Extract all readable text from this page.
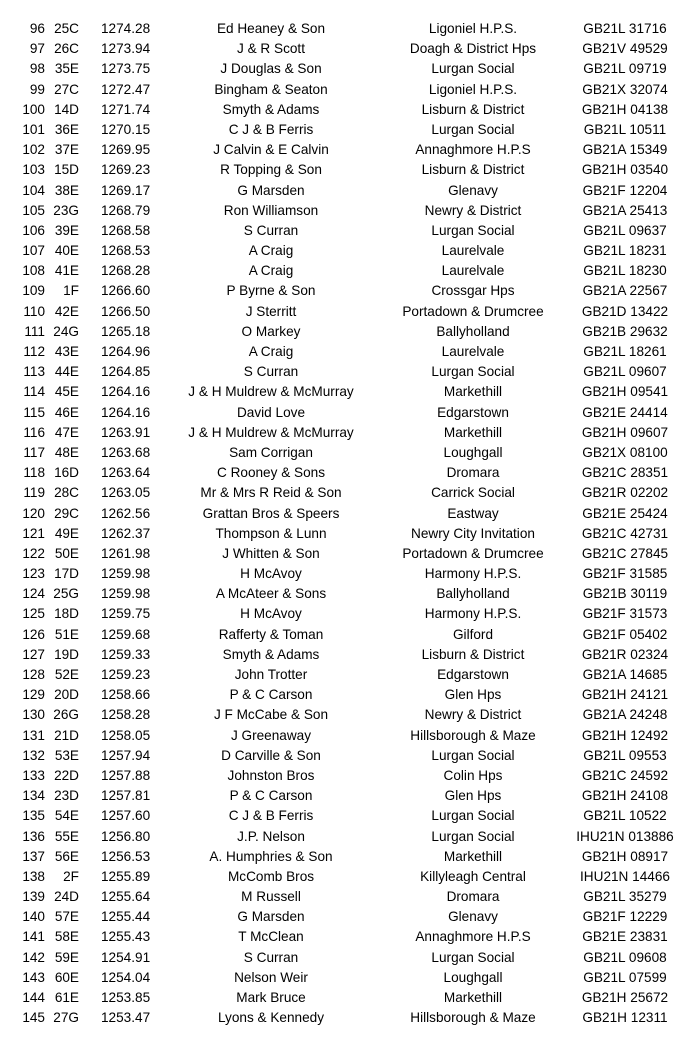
96 25C 1274.28	Ed Heaney & Son	Ligoniel H.P.S.	GB21L 31716
97 26C 1273.94	J & R Scott	Doagh & District Hps	GB21V 49529
98 35E 1273.75	J Douglas & Son	Lurgan Social	GB21L 09719
99 27C 1272.47	Bingham & Seaton	Ligoniel H.P.S.	GB21X 32074
100 14D 1271.74	Smyth & Adams	Lisburn & District	GB21H 04138
101 36E 1270.15	C J & B Ferris	Lurgan Social	GB21L 10511
102 37E 1269.95	J Calvin & E Calvin	Annaghmore H.P.S	GB21A 15349
103 15D 1269.23	R Topping & Son	Lisburn & District	GB21H 03540
104 38E 1269.17	G Marsden	Glenavy	GB21F 12204
105 23G 1268.79	Ron Williamson	Newry & District	GB21A 25413
106 39E 1268.58	S Curran	Lurgan Social	GB21L 09637
107 40E 1268.53	A Craig	Laurelvale	GB21L 18231
108 41E 1268.28	A Craig	Laurelvale	GB21L 18230
109 1F 1266.60	P Byrne & Son	Crossgar Hps	GB21A 22567
110 42E 1266.50	J Sterritt	Portadown & Drumcree	GB21D 13422
111 24G 1265.18	O Markey	Ballyholland	GB21B 29632
112 43E 1264.96	A Craig	Laurelvale	GB21L 18261
113 44E 1264.85	S Curran	Lurgan Social	GB21L 09607
114 45E 1264.16	J & H Muldrew & McMurray	Markethill	GB21H 09541
115 46E 1264.16	David Love	Edgarstown	GB21E 24414
116 47E 1263.91	J & H Muldrew & McMurray	Markethill	GB21H 09607
117 48E 1263.68	Sam Corrigan	Loughgall	GB21X 08100
118 16D 1263.64	C Rooney & Sons	Dromara	GB21C 28351
119 28C 1263.05	Mr & Mrs R Reid & Son	Carrick Social	GB21R 02202
120 29C 1262.56	Grattan Bros & Speers	Eastway	GB21E 25424
121 49E 1262.37	Thompson & Lunn	Newry City Invitation	GB21C 42731
122 50E 1261.98	J Whitten & Son	Portadown & Drumcree	GB21C 27845
123 17D 1259.98	H McAvoy	Harmony H.P.S.	GB21F 31585
124 25G 1259.98	A McAteer & Sons	Ballyholland	GB21B 30119
125 18D 1259.75	H McAvoy	Harmony H.P.S.	GB21F 31573
126 51E 1259.68	Rafferty & Toman	Gilford	GB21F 05402
127 19D 1259.33	Smyth & Adams	Lisburn & District	GB21R 02324
128 52E 1259.23	John Trotter	Edgarstown	GB21A 14685
129 20D 1258.66	P & C Carson	Glen Hps	GB21H 24121
130 26G 1258.28	J F McCabe & Son	Newry & District	GB21A 24248
131 21D 1258.05	J Greenaway	Hillsborough & Maze	GB21H 12492
132 53E 1257.94	D Carville & Son	Lurgan Social	GB21L 09553
133 22D 1257.88	Johnston Bros	Colin Hps	GB21C 24592
134 23D 1257.81	P & C Carson	Glen Hps	GB21H 24108
135 54E 1257.60	C J & B Ferris	Lurgan Social	GB21L 10522
136 55E 1256.80	J.P. Nelson	Lurgan Social	IHU21N 013886
137 56E 1256.53	A. Humphries & Son	Markethill	GB21H 08917
138 2F 1255.89	McComb Bros	Killyleagh Central	IHU21N 14466
139 24D 1255.64	M Russell	Dromara	GB21L 35279
140 57E 1255.44	G Marsden	Glenavy	GB21F 12229
141 58E 1255.43	T McClean	Annaghmore H.P.S	GB21E 23831
142 59E 1254.91	S Curran	Lurgan Social	GB21L 09608
143 60E 1254.04	Nelson Weir	Loughgall	GB21L 07599
144 61E 1253.85	Mark Bruce	Markethill	GB21H 25672
145 27G 1253.47	Lyons & Kennedy	Hillsborough & Maze	GB21H 12311
